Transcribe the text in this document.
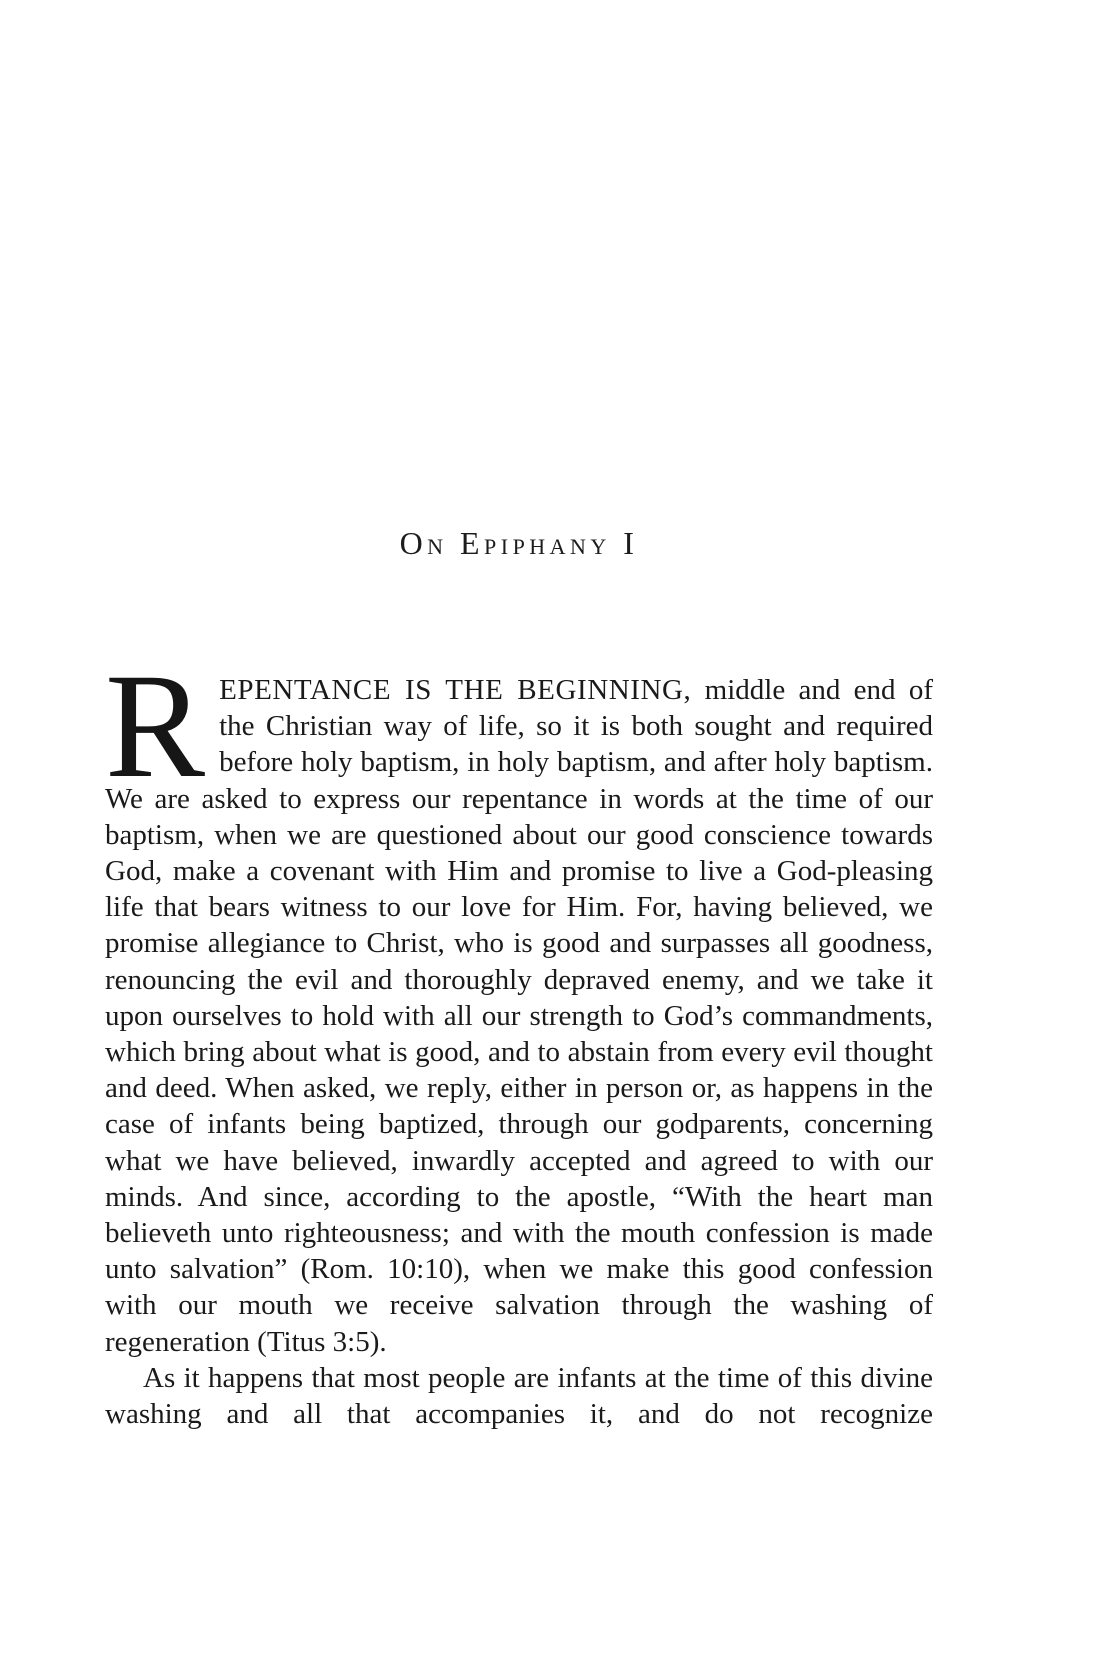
On Epiphany I

REPENTANCE IS THE BEGINNING, middle and end of the Christian way of life, so it is both sought and required before holy baptism, in holy baptism, and after holy baptism. We are asked to express our repentance in words at the time of our baptism, when we are questioned about our good conscience towards God, make a covenant with Him and promise to live a God-pleasing life that bears witness to our love for Him. For, having believed, we promise allegiance to Christ, who is good and surpasses all goodness, renouncing the evil and thoroughly depraved enemy, and we take it upon ourselves to hold with all our strength to God’s commandments, which bring about what is good, and to abstain from every evil thought and deed. When asked, we reply, either in person or, as happens in the case of infants being baptized, through our godparents, concerning what we have believed, inwardly accepted and agreed to with our minds. And since, according to the apostle, “With the heart man believeth unto righteousness; and with the mouth confession is made unto salvation” (Rom. 10:10), when we make this good confession with our mouth we receive salvation through the washing of regeneration (Titus 3:5).

As it happens that most people are infants at the time of this divine washing and all that accompanies it, and do not recognize
